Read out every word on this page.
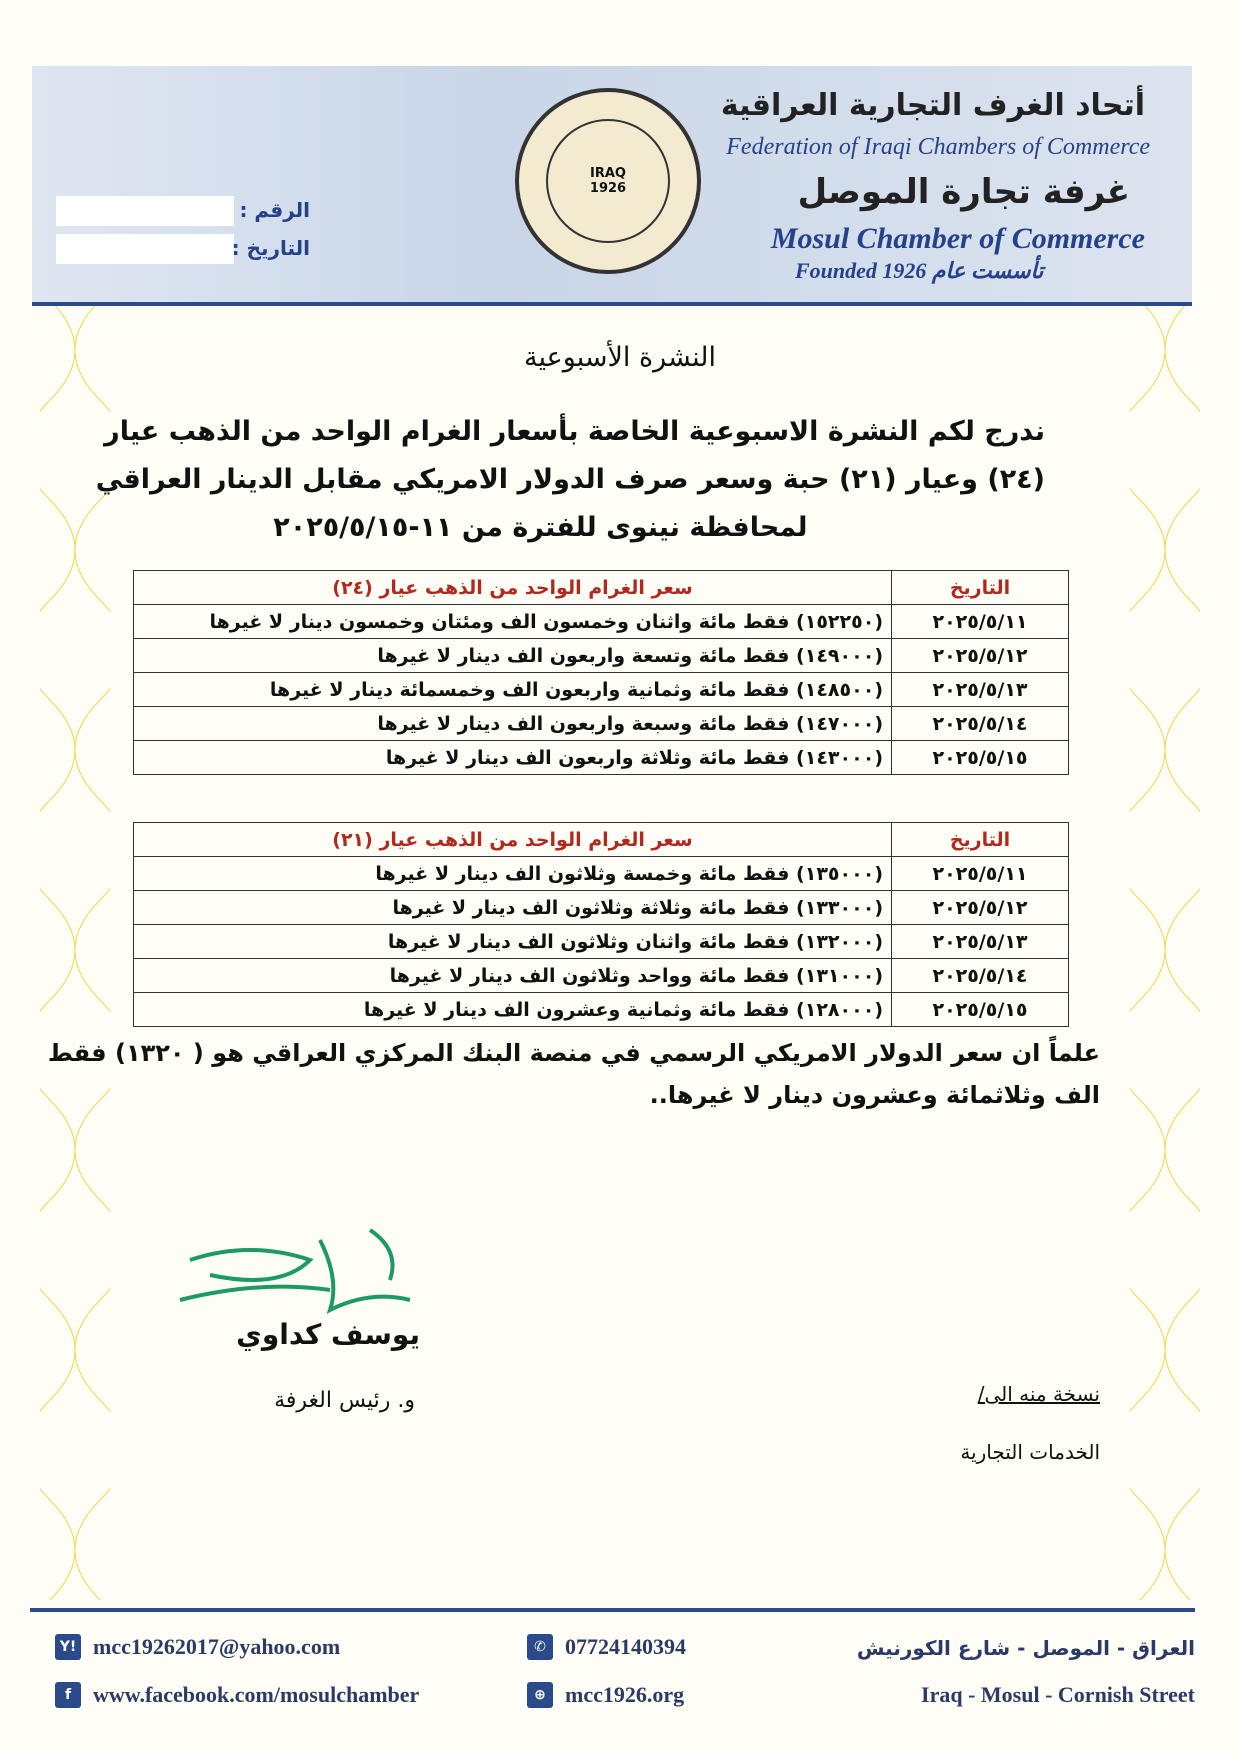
أتحاد الغرف التجارية العراقية
Federation of Iraqi Chambers of Commerce
غرفة تجارة الموصل
Mosul Chamber of Commerce
Founded 1926 تأسست عام
IRAQ
1926
الرقم :
التاريخ :
النشرة الأسبوعية
ندرج لكم النشرة الاسبوعية الخاصة بأسعار الغرام الواحد من الذهب عيار
(٢٤) وعيار (٢١) حبة وسعر صرف الدولار الامريكي مقابل الدينار العراقي
لمحافظة نينوى للفترة من ١١-٢٠٢٥/٥/١٥
التاريخ	سعر الغرام الواحد من الذهب عيار (٢٤)
٢٠٢٥/٥/١١	(١٥٢٢٥٠) فقط مائة واثنان وخمسون الف ومئتان وخمسون دينار لا غيرها
٢٠٢٥/٥/١٢	(١٤٩٠٠٠) فقط مائة وتسعة واربعون الف دينار لا غيرها
٢٠٢٥/٥/١٣	(١٤٨٥٠٠) فقط مائة وثمانية واربعون الف وخمسمائة دينار لا غيرها
٢٠٢٥/٥/١٤	(١٤٧٠٠٠) فقط مائة وسبعة واربعون الف دينار لا غيرها
٢٠٢٥/٥/١٥	(١٤٣٠٠٠) فقط مائة وثلاثة واربعون الف دينار لا غيرها
التاريخ	سعر الغرام الواحد من الذهب عيار (٢١)
٢٠٢٥/٥/١١	(١٣٥٠٠٠) فقط مائة وخمسة وثلاثون الف دينار لا غيرها
٢٠٢٥/٥/١٢	(١٣٣٠٠٠) فقط مائة وثلاثة وثلاثون الف دينار لا غيرها
٢٠٢٥/٥/١٣	(١٣٢٠٠٠) فقط مائة واثنان وثلاثون الف دينار لا غيرها
٢٠٢٥/٥/١٤	(١٣١٠٠٠) فقط مائة وواحد وثلاثون الف دينار لا غيرها
٢٠٢٥/٥/١٥	(١٢٨٠٠٠) فقط مائة وثمانية وعشرون الف دينار لا غيرها
علماً ان سعر الدولار الامريكي الرسمي في منصة البنك المركزي العراقي هو ( ١٣٢٠) فقط
الف وثلاثمائة وعشرون دينار لا غيرها..
يوسف كداوي
و. رئيس الغرفة	نسخة منه الى/
الخدمات التجارية
Y! mcc19262017@yahoo.com
f www.facebook.com/mosulchamber
✆ 07724140394
⊕ mcc1926.org
العراق - الموصل - شارع الكورنيش
Iraq - Mosul - Cornish Street
